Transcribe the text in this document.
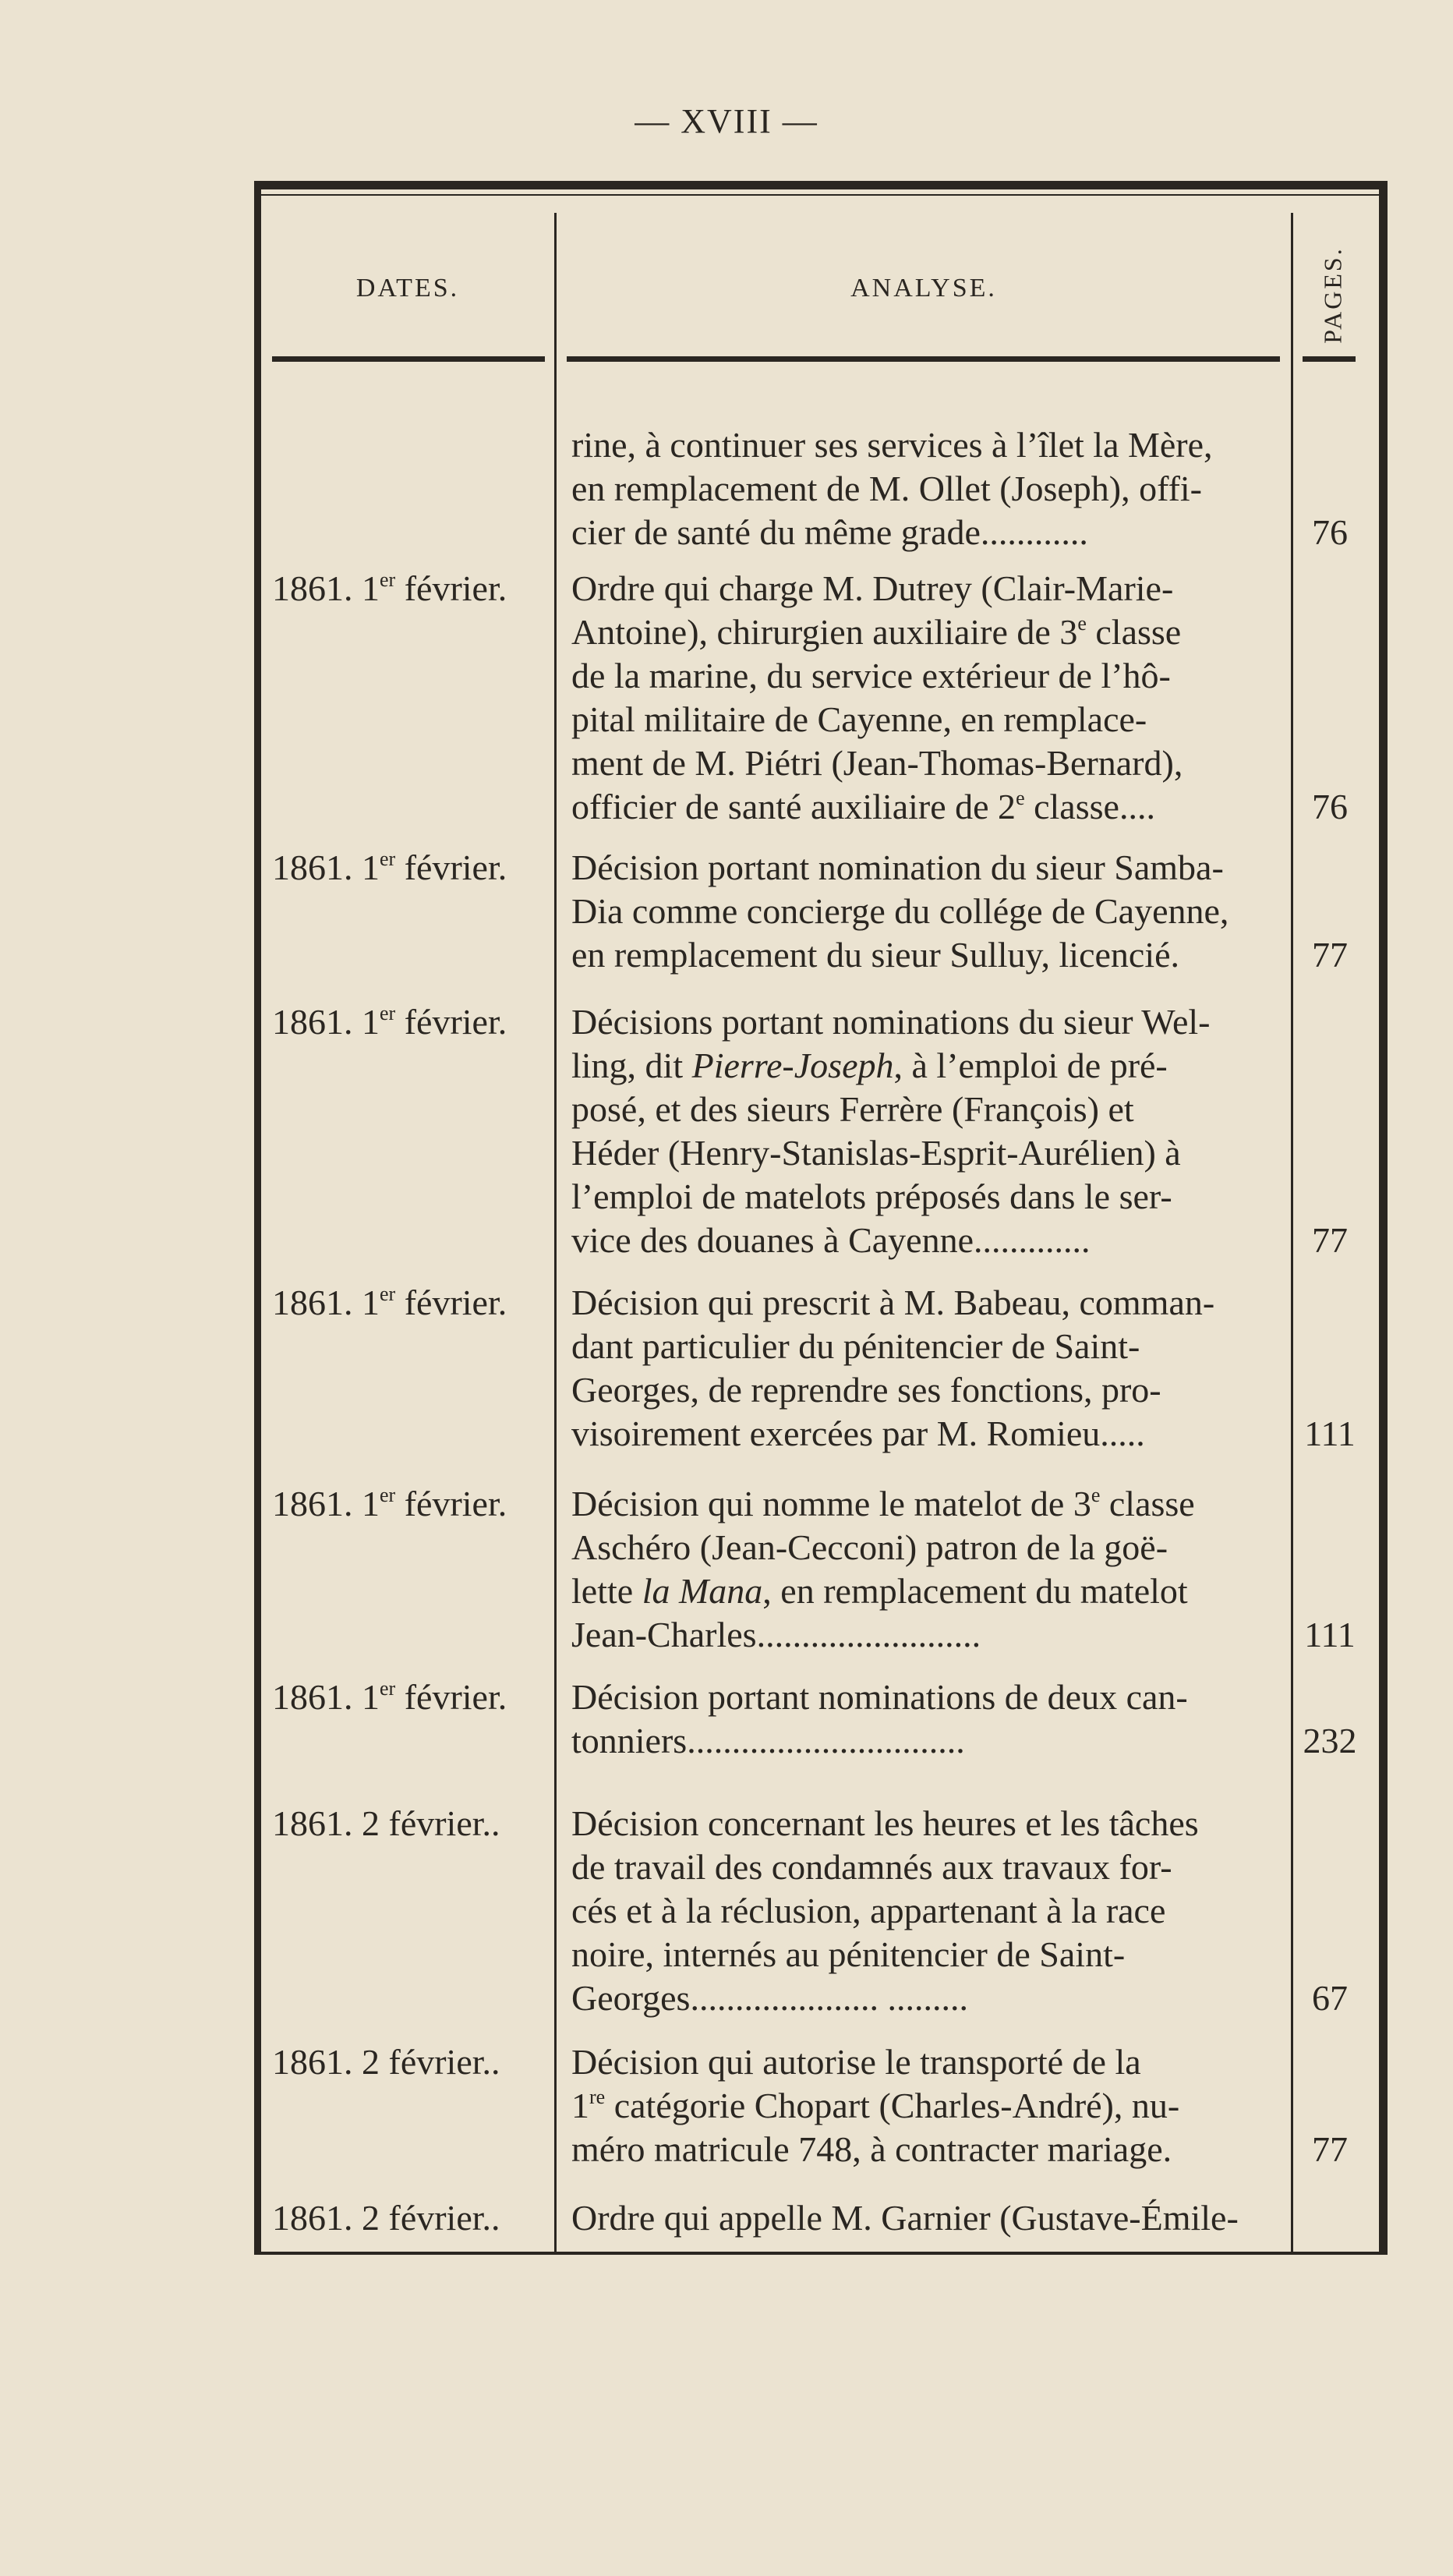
— XVIII —
DATES.	ANALYSE.	PAGES.
rine, à continuer ses services à l’îlet la Mère,
en remplacement de M. Ollet (Joseph), offi-
cier de santé du même grade............	76
1861. 1er février.	Ordre qui charge M. Dutrey (Clair-Marie-
Antoine), chirurgien auxiliaire de 3e classe
de la marine, du service extérieur de l’hô-
pital militaire de Cayenne, en remplace-
ment de M. Piétri (Jean-Thomas-Bernard),
officier de santé auxiliaire de 2e classe....	76
1861. 1er février.	Décision portant nomination du sieur Samba-
Dia comme concierge du collége de Cayenne,
en remplacement du sieur Sulluy, licencié.	77
1861. 1er février.	Décisions portant nominations du sieur Wel-
ling, dit Pierre-Joseph, à l’emploi de pré-
posé, et des sieurs Ferrère (François) et
Héder (Henry-Stanislas-Esprit-Aurélien) à
l’emploi de matelots préposés dans le ser-
vice des douanes à Cayenne.............	77
1861. 1er février.	Décision qui prescrit à M. Babeau, comman-
dant particulier du pénitencier de Saint-
Georges, de reprendre ses fonctions, pro-
visoirement exercées par M. Romieu.....	111
1861. 1er février.	Décision qui nomme le matelot de 3e classe
Aschéro (Jean-Cecconi) patron de la goë-
lette la Mana, en remplacement du matelot
Jean-Charles.........................	111
1861. 1er février.	Décision portant nominations de deux can-
tonniers...............................	232
1861. 2 février..	Décision concernant les heures et les tâches
de travail des condamnés aux travaux for-
cés et à la réclusion, appartenant à la race
noire, internés au pénitencier de Saint-
Georges..................... .........	67
1861. 2 février..	Décision qui autorise le transporté de la
1re catégorie Chopart (Charles-André), nu-
méro matricule 748, à contracter mariage.	77
1861. 2 février..	Ordre qui appelle M. Garnier (Gustave-Émile-
